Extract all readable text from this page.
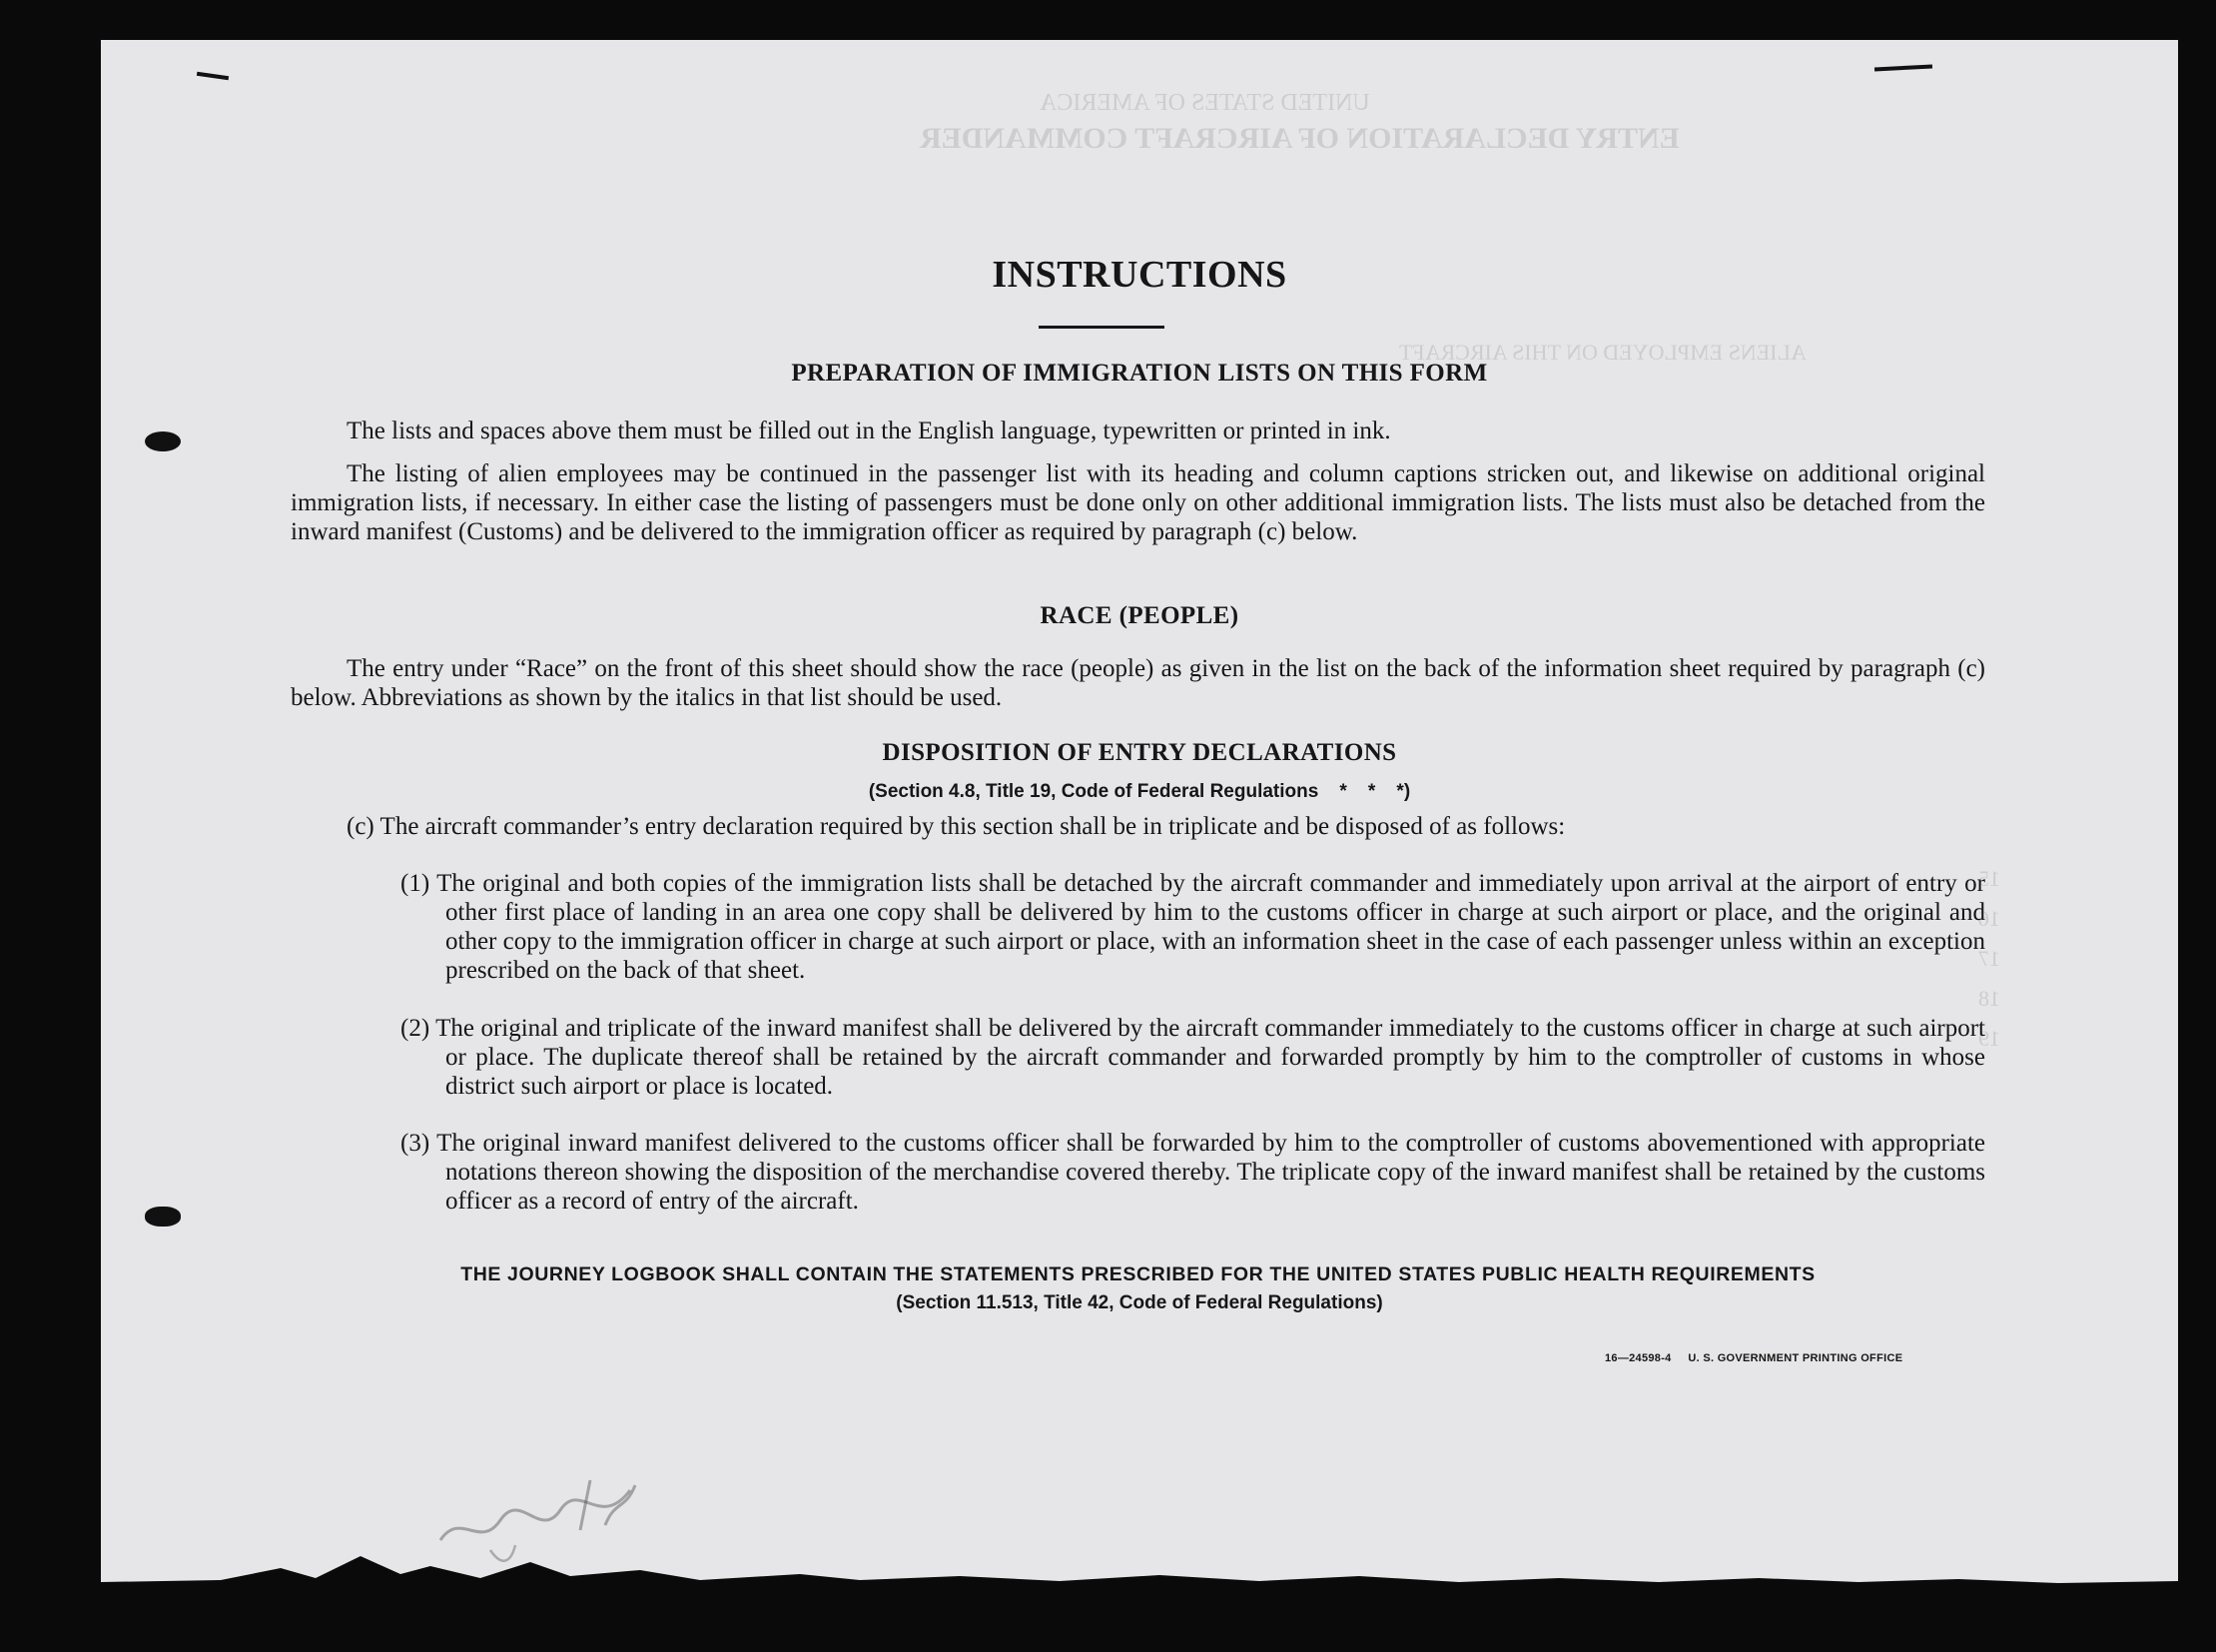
UNITED STATES OF AMERICA
ENTRY DECLARATION OF AIRCRAFT COMMANDER
ALIENS EMPLOYED ON THIS AIRCRAFT
15
16
17
18
19
INSTRUCTIONS
PREPARATION OF IMMIGRATION LISTS ON THIS FORM
The lists and spaces above them must be filled out in the English language, typewritten or printed in ink.
The listing of alien employees may be continued in the passenger list with its heading and column captions stricken out, and likewise on additional original immigration lists, if necessary. In either case the listing of passengers must be done only on other additional immigration lists. The lists must also be detached from the inward manifest (Customs) and be delivered to the immigration officer as required by paragraph (c) below.
RACE (PEOPLE)
The entry under “Race” on the front of this sheet should show the race (people) as given in the list on the back of the information sheet required by paragraph (c) below. Abbreviations as shown by the italics in that list should be used.
DISPOSITION OF ENTRY DECLARATIONS
(Section 4.8, Title 19, Code of Federal Regulations    *    *    *)
(c) The aircraft commander’s entry declaration required by this section shall be in triplicate and be disposed of as follows:
(1) The original and both copies of the immigration lists shall be detached by the aircraft commander and immediately upon arrival at the airport of entry or other first place of landing in an area one copy shall be delivered by him to the customs officer in charge at such airport or place, and the original and other copy to the immigration officer in charge at such airport or place, with an information sheet in the case of each passenger unless within an exception prescribed on the back of that sheet.
(2) The original and triplicate of the inward manifest shall be delivered by the aircraft commander immediately to the customs officer in charge at such airport or place. The duplicate thereof shall be retained by the aircraft commander and forwarded promptly by him to the comptroller of customs in whose district such airport or place is located.
(3) The original inward manifest delivered to the customs officer shall be forwarded by him to the comptroller of customs abovementioned with appropriate notations thereon showing the disposition of the merchandise covered thereby. The triplicate copy of the inward manifest shall be retained by the customs officer as a record of entry of the aircraft.
THE JOURNEY LOGBOOK SHALL CONTAIN THE STATEMENTS PRESCRIBED FOR THE UNITED STATES PUBLIC HEALTH REQUIREMENTS
(Section 11.513, Title 42, Code of Federal Regulations)
16—24598-4     U. S. GOVERNMENT PRINTING OFFICE
